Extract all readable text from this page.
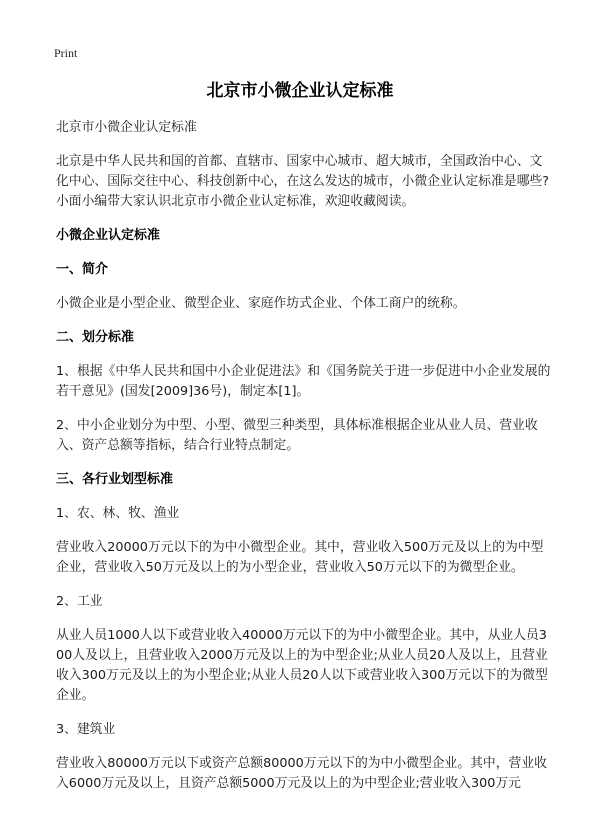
Print
北京市小微企业认定标准

北京市小微企业认定标准

北京是中华人民共和国的首都、直辖市、国家中心城市、超大城市，全国政治中心、文化中心、国际交往中心、科技创新中心，在这么发达的城市，小微企业认定标准是哪些?小面小编带大家认识北京市小微企业认定标准，欢迎收藏阅读。

小微企业认定标准

一、简介

小微企业是小型企业、微型企业、家庭作坊式企业、个体工商户的统称。

二、划分标准

1、根据《中华人民共和国中小企业促进法》和《国务院关于进一步促进中小企业发展的若干意见》(国发[2009]36号)，制定本[1]。

2、中小企业划分为中型、小型、微型三种类型，具体标准根据企业从业人员、营业收入、资产总额等指标，结合行业特点制定。

三、各行业划型标准

1、农、林、牧、渔业

营业收入20000万元以下的为中小微型企业。其中，营业收入500万元及以上的为中型企业，营业收入50万元及以上的为小型企业，营业收入50万元以下的为微型企业。

2、工业

从业人员1000人以下或营业收入40000万元以下的为中小微型企业。其中，从业人员300人及以上，且营业收入2000万元及以上的为中型企业;从业人员20人及以上，且营业收入300万元及以上的为小型企业;从业人员20人以下或营业收入300万元以下的为微型企业。

3、建筑业

营业收入80000万元以下或资产总额80000万元以下的为中小微型企业。其中，营业收入6000万元及以上，且资产总额5000万元及以上的为中型企业;营业收入300万元
